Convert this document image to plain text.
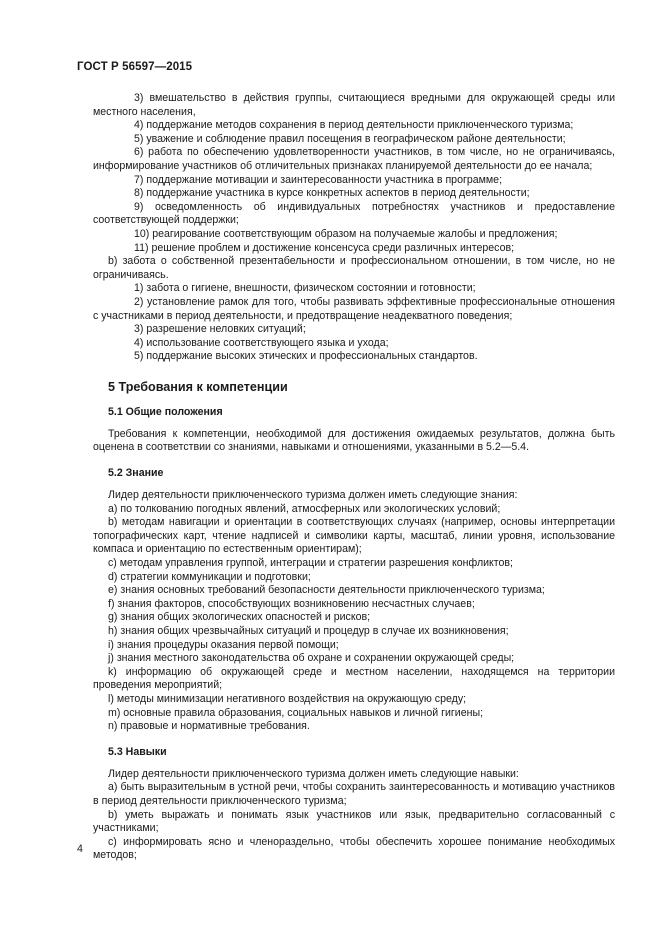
ГОСТ Р 56597—2015
3) вмешательство в действия группы, считающиеся вредными для окружающей среды или местного населения,
4) поддержание методов сохранения в период деятельности приключенческого туризма;
5) уважение и соблюдение правил посещения в географическом районе деятельности;
6) работа по обеспечению удовлетворенности участников, в том числе, но не ограничиваясь, информирование участников об отличительных признаках планируемой деятельности до ее начала;
7) поддержание мотивации и заинтересованности участника в программе;
8) поддержание участника в курсе конкретных аспектов в период деятельности;
9) осведомленность об индивидуальных потребностях участников и предоставление соответствующей поддержки;
10) реагирование соответствующим образом на получаемые жалобы и предложения;
11) решение проблем и достижение консенсуса среди различных интересов;
b) забота о собственной презентабельности и профессиональном отношении, в том числе, но не ограничиваясь.
1) забота о гигиене, внешности, физическом состоянии и готовности;
2) установление рамок для того, чтобы развивать эффективные профессиональные отношения с участниками в период деятельности, и предотвращение неадекватного поведения;
3) разрешение неловких ситуаций;
4) использование соответствующего языка и ухода;
5) поддержание высоких этических и профессиональных стандартов.
5 Требования к компетенции
5.1 Общие положения
Требования к компетенции, необходимой для достижения ожидаемых результатов, должна быть оценена в соответствии со знаниями, навыками и отношениями, указанными в 5.2—5.4.
5.2 Знание
Лидер деятельности приключенческого туризма должен иметь следующие знания:
а) по толкованию погодных явлений, атмосферных или экологических условий;
b) методам навигации и ориентации в соответствующих случаях (например, основы интерпретации топографических карт, чтение надписей и символики карты, масштаб, линии уровня, использование компаса и ориентацию по естественным ориентирам);
с) методам управления группой, интеграции и стратегии разрешения конфликтов;
d) стратегии коммуникации и подготовки;
е) знания основных требований безопасности деятельности приключенческого туризма;
f) знания факторов, способствующих возникновению несчастных случаев;
g) знания общих экологических опасностей и рисков;
h) знания общих чрезвычайных ситуаций и процедур в случае их возникновения;
i) знания процедуры оказания первой помощи;
j) знания местного законодательства об охране и сохранении окружающей среды;
k) информацию об окружающей среде и местном населении, находящемся на территории проведения мероприятий;
l) методы минимизации негативного воздействия на окружающую среду;
m) основные правила образования, социальных навыков и личной гигиены;
n) правовые и нормативные требования.
5.3 Навыки
Лидер деятельности приключенческого туризма должен иметь следующие навыки:
а) быть выразительным в устной речи, чтобы сохранить заинтересованность и мотивацию участников в период деятельности приключенческого туризма;
b) уметь выражать и понимать язык участников или язык, предварительно согласованный с участниками;
с) информировать ясно и членораздельно, чтобы обеспечить хорошее понимание необходимых методов;
4
